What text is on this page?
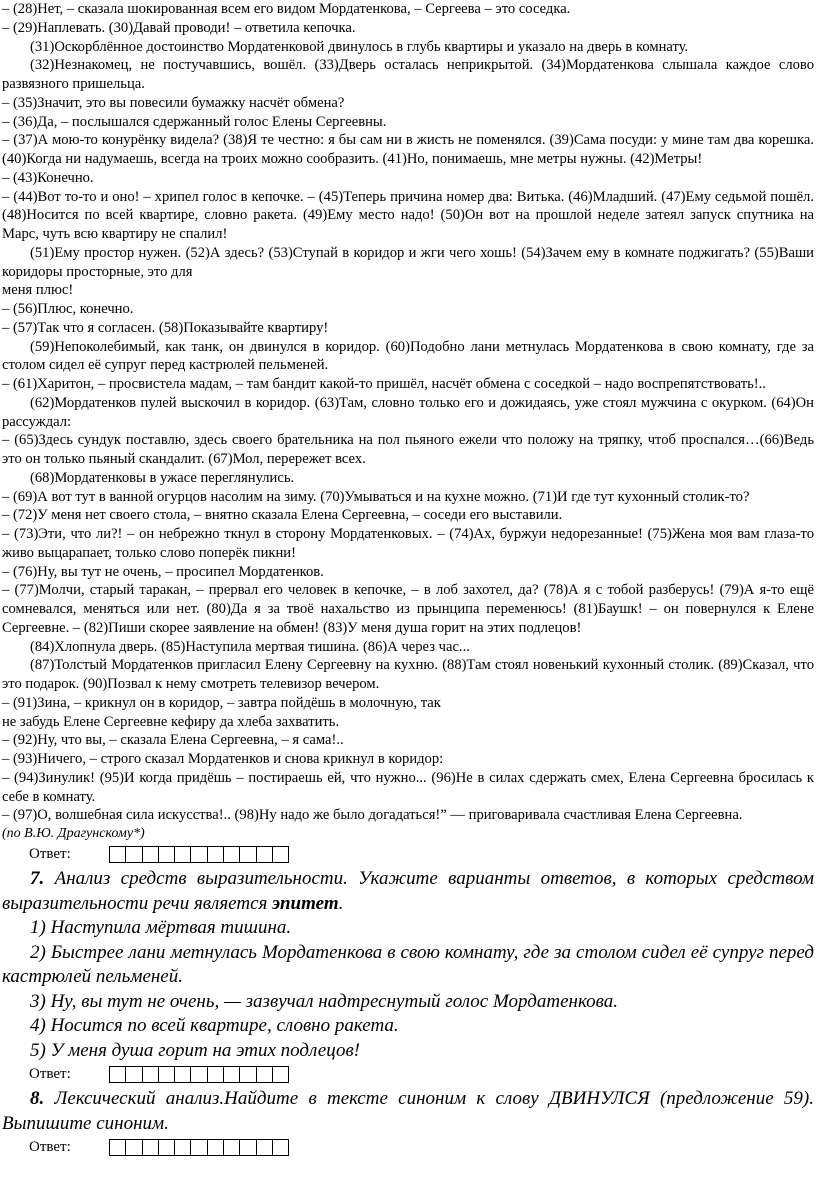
– (28)Нет, – сказала шокированная всем его видом Мордатенкова, – Сергеева – это соседка.

– (29)Наплевать. (30)Давай проводи! – ответила кепочка.

(31)Оскорблённое достоинство Мордатенковой двинулось в глубь квартиры и указало на дверь в комнату.

(32)Незнакомец, не постучавшись, вошёл. (33)Дверь осталась неприкрытой. (34)Мордатенкова слышала каждое слово развязного пришельца.

– (35)Значит, это вы повесили бумажку насчёт обмена?

– (36)Да, – послышался сдержанный голос Елены Сергеевны.

– (37)А мою-то конурёнку видела? (38)Я те честно: я бы сам ни в жисть не поменялся. (39)Сама посуди: у мине там два корешка. (40)Когда ни надумаешь, всегда на троих можно сообразить. (41)Но, понимаешь, мне метры нужны. (42)Метры!

– (43)Конечно.

– (44)Вот то-то и оно! – хрипел голос в кепочке. – (45)Теперь причина номер два: Витька. (46)Младший. (47)Ему седьмой пошёл. (48)Носится по всей квартире, словно ракета. (49)Ему место надо! (50)Он вот на прошлой неделе затеял запуск спутника на Марс, чуть всю квартиру не спалил!

(51)Ему простор нужен. (52)А здесь? (53)Ступай в коридор и жги чего хошь! (54)Зачем ему в комнате поджигать? (55)Ваши коридоры просторные, это для

меня плюс!

– (56)Плюс, конечно.

– (57)Так что я согласен. (58)Показывайте квартиру!

(59)Непоколебимый, как танк, он двинулся в коридор. (60)Подобно лани метнулась Мордатенкова в свою комнату, где за столом сидел её супруг перед кастрюлей пельменей.

– (61)Харитон, – просвистела мадам, – там бандит какой-то пришёл, насчёт обмена с соседкой – надо воспрепятствовать!..

(62)Мордатенков пулей выскочил в коридор. (63)Там, словно только его и дожидаясь, уже стоял мужчина с окурком. (64)Он рассуждал:

– (65)Здесь сундук поставлю, здесь своего брательника на пол пьяного ежели что положу на тряпку, чтоб проспался…(66)Ведь это он только пьяный скандалит. (67)Мол, перережет всех.

(68)Мордатенковы в ужасе переглянулись.

– (69)А вот тут в ванной огурцов насолим на зиму. (70)Умываться и на кухне можно. (71)И где тут кухонный столик-то?

– (72)У меня нет своего стола, – внятно сказала Елена Сергеевна, – соседи его выставили.

– (73)Эти, что ли?! – он небрежно ткнул в сторону Мордатенковых. – (74)Ах, буржуи недорезанные! (75)Жена моя вам глаза-то живо выцарапает, только слово поперёк пикни!

– (76)Ну, вы тут не очень, – просипел Мордатенков.

– (77)Молчи, старый таракан, – прервал его человек в кепочке, – в лоб захотел, да? (78)А я с тобой разберусь! (79)А я-то ещё сомневался, меняться или нет. (80)Да я за твоё нахальство из прынципа переменюсь! (81)Баушк! – он повернулся к Елене Сергеевне. – (82)Пиши скорее заявление на обмен! (83)У меня душа горит на этих подлецов!

(84)Хлопнула дверь. (85)Наступила мертвая тишина. (86)А через час...

(87)Толстый Мордатенков пригласил Елену Сергеевну на кухню. (88)Там стоял новенький кухонный столик. (89)Сказал, что это подарок. (90)Позвал к нему смотреть телевизор вечером.

– (91)Зина, – крикнул он в коридор, – завтра пойдёшь в молочную, так

не забудь Елене Сергеевне кефиру да хлеба захватить.

– (92)Ну, что вы, – сказала Елена Сергеевна, – я сама!..

– (93)Ничего, – строго сказал Мордатенков и снова крикнул в коридор:

– (94)Зинулик! (95)И когда придёшь – постираешь ей, что нужно... (96)Не в силах сдержать смех, Елена Сергеевна бросилась к себе в комнату.

– (97)О, волшебная сила искусства!.. (98)Ну надо же было догадаться!” — приговаривала счастливая Елена Сергеевна.

(по В.Ю. Драгунскому*)

Ответ:

7. Анализ средств выразительности. Укажите варианты ответов, в которых средством выразительности речи является эпитет.

1) Наступила мёртвая тишина.

2) Быстрее лани метнулась Мордатенкова в свою комнату, где за столом сидел её супруг перед кастрюлей пельменей.

3) Ну, вы тут не очень, — зазвучал надтреснутый голос Мордатенкова.

4) Носится по всей квартире, словно ракета.

5) У меня душа горит на этих подлецов!

Ответ:

8. Лексический анализ.Найдите в тексте синоним к слову ДВИНУЛСЯ (предложение 59). Выпишите синоним.

Ответ:
